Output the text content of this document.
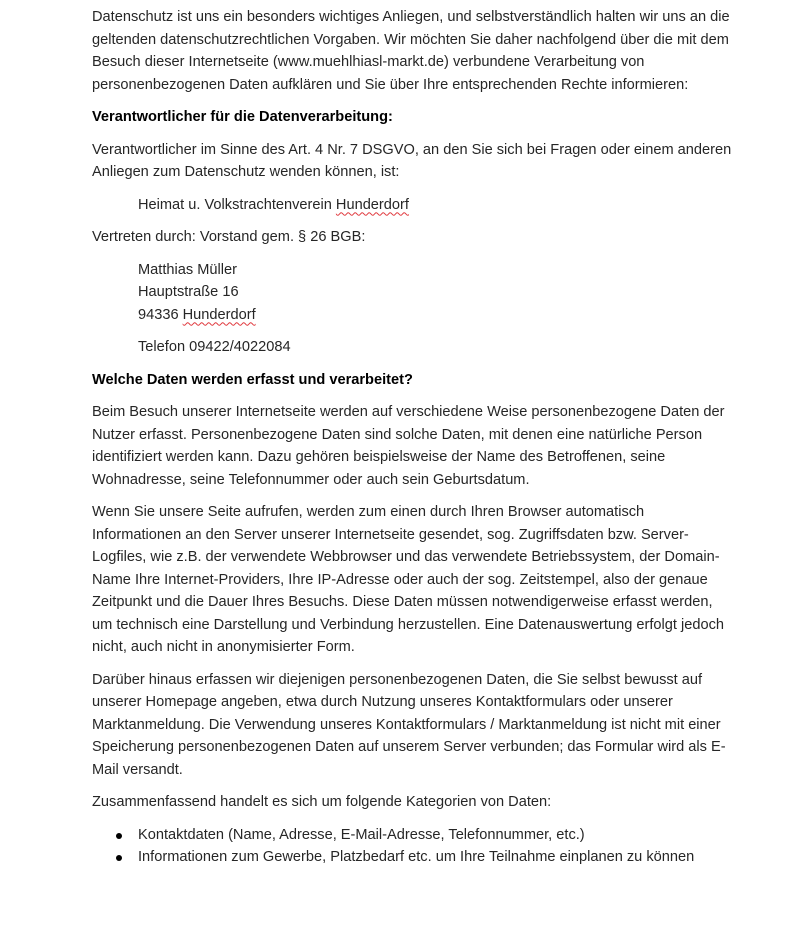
Datenschutz ist uns ein besonders wichtiges Anliegen, und selbstverständlich halten wir uns an die geltenden datenschutzrechtlichen Vorgaben. Wir möchten Sie daher nachfolgend über die mit dem Besuch dieser Internetseite (www.muehlhiasl-markt.de) verbundene Verarbeitung von personenbezogenen Daten aufklären und Sie über Ihre entsprechenden Rechte informieren:

Verantwortlicher für die Datenverarbeitung:

Verantwortlicher im Sinne des Art. 4 Nr. 7 DSGVO, an den Sie sich bei Fragen oder einem anderen Anliegen zum Datenschutz wenden können, ist:

Heimat u. Volkstrachtenverein Hunderdorf

Vertreten durch: Vorstand gem. § 26 BGB:

Matthias Müller
Hauptstraße 16
94336 Hunderdorf

Telefon 09422/4022084

Welche Daten werden erfasst und verarbeitet?

Beim Besuch unserer Internetseite werden auf verschiedene Weise personenbezogene Daten der Nutzer erfasst. Personenbezogene Daten sind solche Daten, mit denen eine natürliche Person identifiziert werden kann. Dazu gehören beispielsweise der Name des Betroffenen, seine Wohnadresse, seine Telefonnummer oder auch sein Geburtsdatum.

Wenn Sie unsere Seite aufrufen, werden zum einen durch Ihren Browser automatisch Informationen an den Server unserer Internetseite gesendet, sog. Zugriffsdaten bzw. Server-Logfiles, wie z.B. der verwendete Webbrowser und das verwendete Betriebssystem, der Domain-Name Ihre Internet-Providers, Ihre IP-Adresse oder auch der sog. Zeitstempel, also der genaue Zeitpunkt und die Dauer Ihres Besuchs. Diese Daten müssen notwendigerweise erfasst werden, um technisch eine Darstellung und Verbindung herzustellen. Eine Datenauswertung erfolgt jedoch nicht, auch nicht in anonymisierter Form.

Darüber hinaus erfassen wir diejenigen personenbezogenen Daten, die Sie selbst bewusst auf unserer Homepage angeben, etwa durch Nutzung unseres Kontaktformulars oder unserer Marktanmeldung. Die Verwendung unseres Kontaktformulars / Marktanmeldung ist nicht mit einer Speicherung personenbezogenen Daten auf unserem Server verbunden; das Formular wird als E-Mail versandt.

Zusammenfassend handelt es sich um folgende Kategorien von Daten:

Kontaktdaten (Name, Adresse, E-Mail-Adresse, Telefonnummer, etc.)
Informationen zum Gewerbe, Platzbedarf etc. um Ihre Teilnahme einplanen zu können
